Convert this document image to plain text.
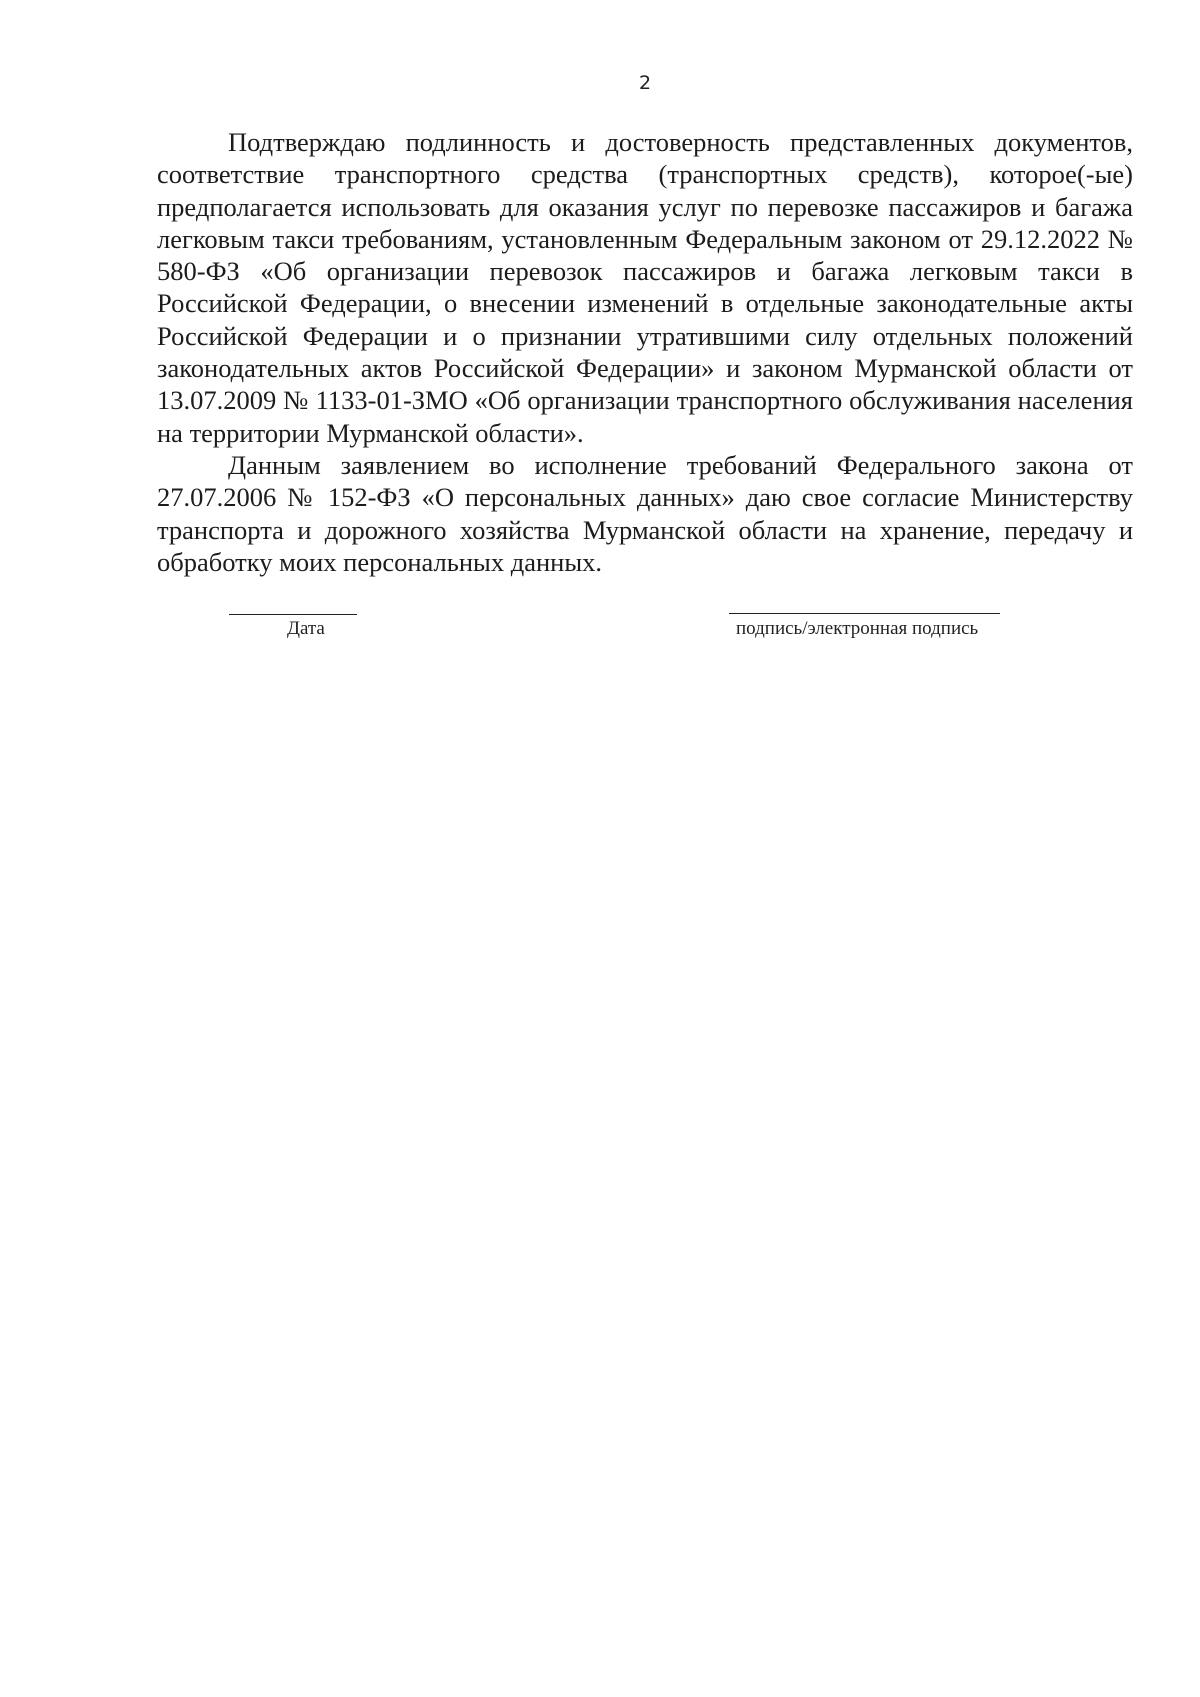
2

Подтверждаю подлинность и достоверность представленных документов, соответствие транспортного средства (транспортных средств), которое(-ые) предполагается использовать для оказания услуг по перевозке пассажиров и багажа легковым такси требованиям, установленным Федеральным законом от 29.12.2022 № 580-ФЗ «Об организации перевозок пассажиров и багажа легковым такси в Российской Федерации, о внесении изменений в отдельные законодательные акты Российской Федерации и о признании утратившими силу отдельных положений законодательных актов Российской Федерации» и законом Мурманской области от 13.07.2009 № 1133-01-ЗМО «Об организации транспортного обслуживания населения на территории Мурманской области».

Данным заявлением во исполнение требований Федерального закона от 27.07.2006 № 152-ФЗ «О персональных данных» даю свое согласие Министерству транспорта и дорожного хозяйства Мурманской области на хранение, передачу и обработку моих персональных данных.

Дата	подпись/электронная подпись
